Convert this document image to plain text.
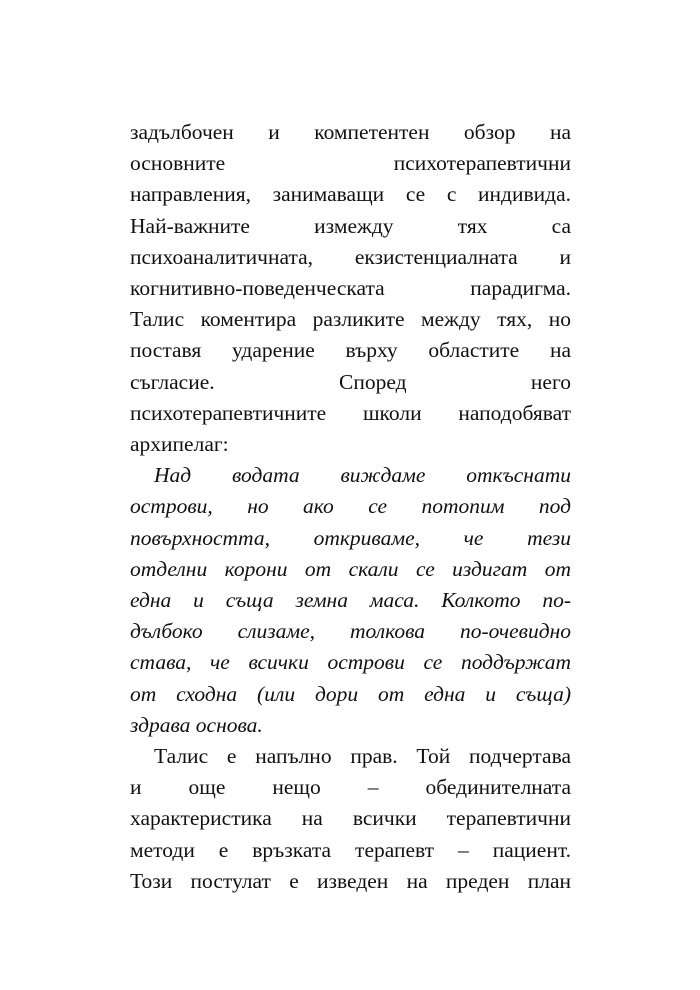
задълбочен и компетентен обзор на
основните психотерапевтични
направления, занимаващи се с индивида.
Най-важните измежду тях са
психоаналитичната, екзистенциалната и
когнитивно-поведенческата парадигма.
Талис коментира разликите между тях, но
поставя ударение върху областите на
съгласие. Според него
психотерапевтичните школи наподобяват
архипелаг:

Над водата виждаме откъснати
острови, но ако се потопим под
повърхността, откриваме, че тези
отделни корони от скали се издигат от
една и съща земна маса. Колкото по-
дълбоко слизаме, толкова по-очевидно
става, че всички острови се поддържат
от сходна (или дори от една и съща)
здрава основа.

Талис е напълно прав. Той подчертава
и още нещо – обединителната
характеристика на всички терапевтични
методи е връзката терапевт – пациент.
Този постулат е изведен на преден план
